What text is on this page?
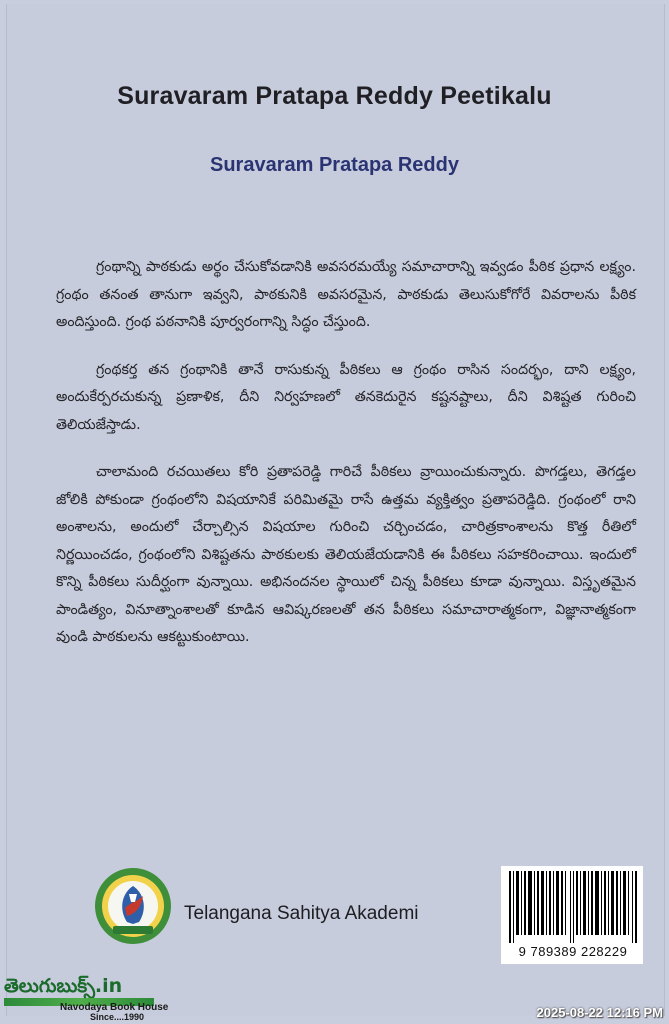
Suravaram Pratapa Reddy Peetikalu
Suravaram Pratapa Reddy

గ్రంథాన్ని పాఠకుడు అర్థం చేసుకోవడానికి అవసరమయ్యే సమాచారాన్ని ఇవ్వడం పీఠిక ప్రధాన లక్ష్యం. గ్రంథం తనంత తానుగా ఇవ్వని, పాఠకునికి అవసరమైన, పాఠకుడు తెలుసుకోగోరే వివరాలను పీఠిక అందిస్తుంది. గ్రంథ పఠనానికి పూర్వరంగాన్ని సిద్ధం చేస్తుంది.

గ్రంథకర్త తన గ్రంథానికి తానే రాసుకున్న పీఠికలు ఆ గ్రంథం రాసిన సందర్భం, దాని లక్ష్యం, అందుకేర్పరచుకున్న ప్రణాళిక, దీని నిర్వహణలో తనకెదురైన కష్టనష్టాలు, దీని విశిష్టత గురించి తెలియజేస్తాడు.

చాలామంది రచయితలు కోరి ప్రతాపరెడ్డి గారిచే పీఠికలు వ్రాయించుకున్నారు. పొగడ్తలు, తెగడ్తల జోలికి పోకుండా గ్రంథంలోని విషయానికే పరిమితమై రాసే ఉత్తమ వ్యక్తిత్వం ప్రతాపరెడ్డిది. గ్రంథంలో రాని అంశాలను, అందులో చేర్చాల్సిన విషయాల గురించి చర్చించడం, చారిత్రకాంశాలను కొత్త రీతిలో నిర్ణయించడం, గ్రంథంలోని విశిష్టతను పాఠకులకు తెలియజేయడానికి ఈ పీఠికలు సహకరించాయి. ఇందులో కొన్ని పీఠికలు సుదీర్ఘంగా వున్నాయి. అభినందనల స్థాయిలో చిన్న పీఠికలు కూడా వున్నాయి. విస్తృతమైన పాండిత్యం, వినూత్నాంశాలతో కూడిన ఆవిష్కరణలతో తన పీఠికలు సమాచారాత్మకంగా, విజ్ఞానాత్మకంగా వుండి పాఠకులను ఆకట్టుకుంటాయి.

Telangana Sahitya Akademi
9 789389 228229
తెలుగుబుక్స్.in
Navodaya Book House
Since....1990	2025-08-22 12:16 PM
